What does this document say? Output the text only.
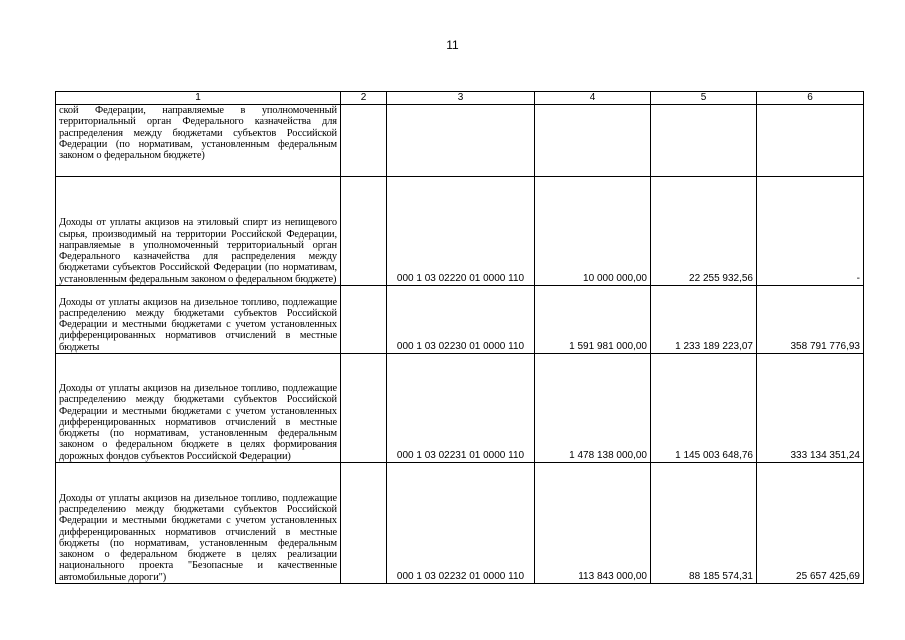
11
1	2	3	4	5	6
ской Федерации, направляемые в уполномоченный территориальный орган Федерального казначейства для распределения между бюджетами субъектов Российской Федерации (по нормативам, установленным федеральным законом о федеральном бюджете)					
Доходы от уплаты акцизов на этиловый спирт из непищевого сырья, производимый на территории Российской Федерации, направляемые в уполномоченный территориальный орган Федерального казначейства для распределения между бюджетами субъектов Российской Федерации (по нормативам, установленным федеральным законом о федеральном бюджете)		000 1 03 02220 01 0000 110	10 000 000,00	22 255 932,56	-
Доходы от уплаты акцизов на дизельное топливо, подлежащие распределению между бюджетами субъектов Российской Федерации и местными бюджетами с учетом установленных дифференцированных нормативов отчислений в местные бюджеты		000 1 03 02230 01 0000 110	1 591 981 000,00	1 233 189 223,07	358 791 776,93
Доходы от уплаты акцизов на дизельное топливо, подлежащие распределению между бюджетами субъектов Российской Федерации и местными бюджетами с учетом установленных дифференцированных нормативов отчислений в местные бюджеты (по нормативам, установленным федеральным законом о федеральном бюджете в целях формирования дорожных фондов субъектов Российской Федерации)		000 1 03 02231 01 0000 110	1 478 138 000,00	1 145 003 648,76	333 134 351,24
Доходы от уплаты акцизов на дизельное топливо, подлежащие распределению между бюджетами субъектов Российской Федерации и местными бюджетами с учетом установленных дифференцированных нормативов отчислений в местные бюджеты (по нормативам, установленным федеральным законом о федеральном бюджете в целях реализации национального проекта "Безопасные и качественные автомобильные дороги")		000 1 03 02232 01 0000 110	113 843 000,00	88 185 574,31	25 657 425,69
